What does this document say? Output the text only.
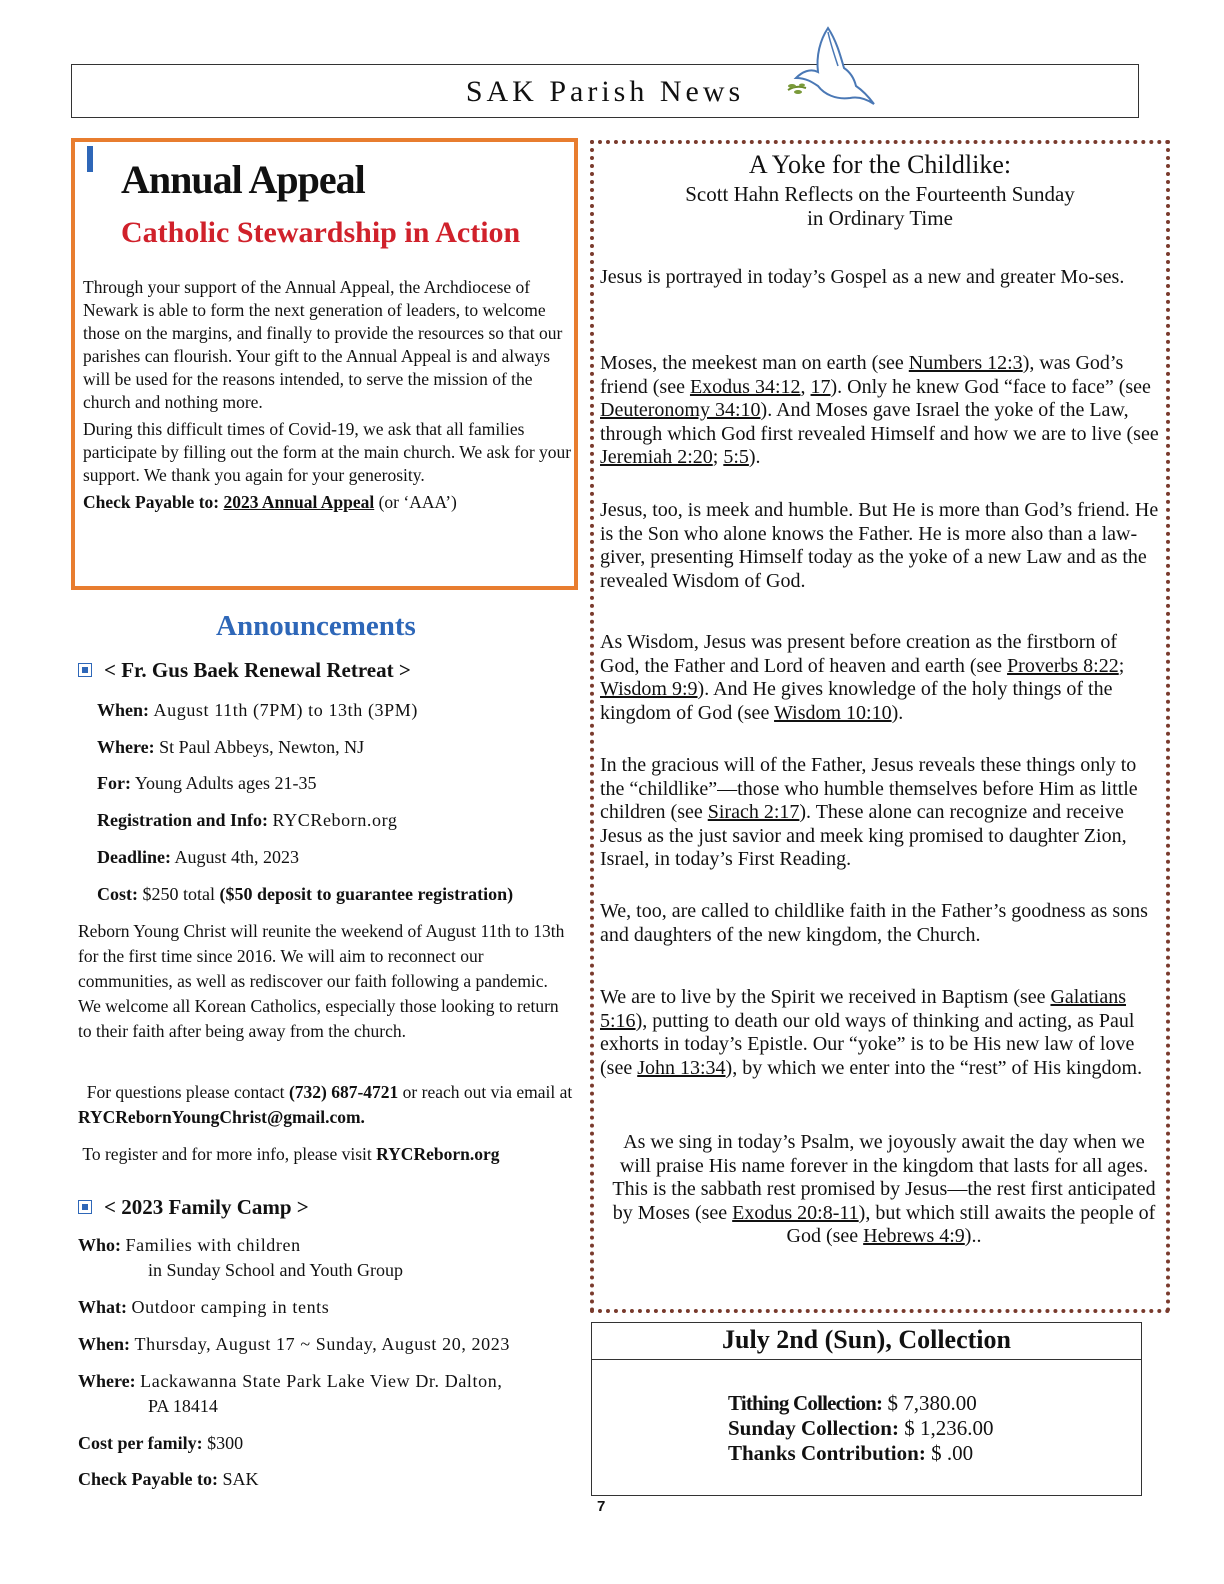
SAK Parish News
Annual Appeal
Catholic Stewardship in Action

Through your support of the Annual Appeal, the Archdiocese of Newark is able to form the next generation of leaders, to welcome those on the margins, and finally to provide the resources so that our parishes can flourish. Your gift to the Annual Appeal is and always will be used for the reasons intended, to serve the mission of the church and nothing more.

During this difficult times of Covid-19, we ask that all families participate by filling out the form at the main church. We ask for your support. We thank you again for your generosity.

Check Payable to: 2023 Annual Appeal (or ‘AAA’)

Announcements
< Fr. Gus Baek Renewal Retreat >
When: August 11th (7PM) to 13th (3PM)
Where: St Paul Abbeys, Newton, NJ
For: Young Adults ages 21-35
Registration and Info: RYCReborn.org
Deadline: August 4th, 2023
Cost: $250 total ($50 deposit to guarantee registration)

Reborn Young Christ will reunite the weekend of August 11th to 13th for the first time since 2016. We will aim to reconnect our communities, as well as rediscover our faith following a pandemic.

We welcome all Korean Catholics, especially those looking to return to their faith after being away from the church.

For questions please contact (732) 687-4721 or reach out via email at RYCRebornYoungChrist@gmail.com.

To register and for more info, please visit RYCReborn.org

< 2023 Family Camp >
Who: Families with children
in Sunday School and Youth Group
What: Outdoor camping in tents
When: Thursday, August 17 ~ Sunday, August 20, 2023
Where: Lackawanna State Park Lake View Dr. Dalton,
PA 18414
Cost per family: $300
Check Payable to: SAK
A Yoke for the Childlike:
Scott Hahn Reflects on the Fourteenth Sunday
in Ordinary Time

Jesus is portrayed in today’s Gospel as a new and greater Mo-ses.

Moses, the meekest man on earth (see Numbers 12:3), was God’s friend (see Exodus 34:12, 17). Only he knew God “face to face” (see Deuteronomy 34:10). And Moses gave Israel the yoke of the Law, through which God first revealed Himself and how we are to live (see Jeremiah 2:20; 5:5).

Jesus, too, is meek and humble. But He is more than God’s friend. He is the Son who alone knows the Father. He is more also than a law-giver, presenting Himself today as the yoke of a new Law and as the revealed Wisdom of God.

As Wisdom, Jesus was present before creation as the firstborn of God, the Father and Lord of heaven and earth (see Proverbs 8:22; Wisdom 9:9). And He gives knowledge of the holy things of the kingdom of God (see Wisdom 10:10).

In the gracious will of the Father, Jesus reveals these things only to the “childlike”—those who humble themselves before Him as little children (see Sirach 2:17). These alone can recognize and receive Jesus as the just savior and meek king promised to daughter Zion, Israel, in today’s First Reading.

We, too, are called to childlike faith in the Father’s goodness as sons and daughters of the new kingdom, the Church.

We are to live by the Spirit we received in Baptism (see Galatians 5:16), putting to death our old ways of thinking and acting, as Paul exhorts in today’s Epistle. Our “yoke” is to be His new law of love (see John 13:34), by which we enter into the “rest” of His kingdom.

As we sing in today’s Psalm, we joyously await the day when we will praise His name forever in the kingdom that lasts for all ages. This is the sabbath rest promised by Jesus—the rest first anticipated by Moses (see Exodus 20:8-11), but which still awaits the people of God (see Hebrews 4:9)..

July 2nd (Sun), Collection
Tithing Collection: $ 7,380.00
Sunday Collection: $ 1,236.00
Thanks Contribution: $ .00
7
